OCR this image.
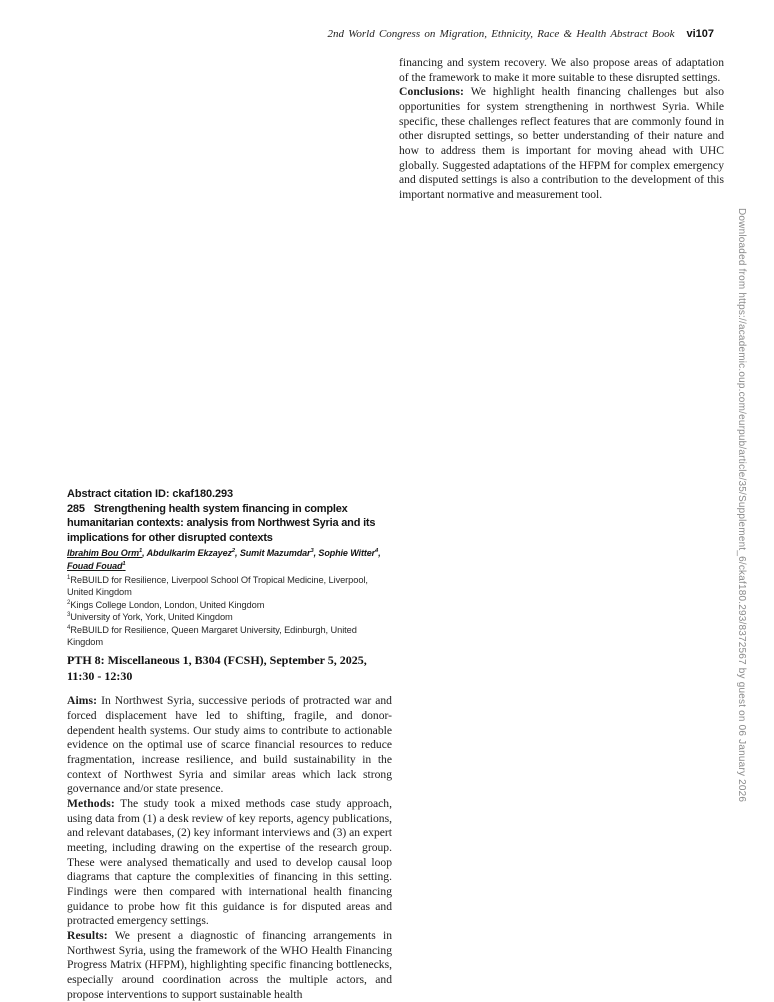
2nd World Congress on Migration, Ethnicity, Race & Health Abstract Book vi107

financing and system recovery. We also propose areas of adaptation of the framework to make it more suitable to these disrupted settings.

Conclusions: We highlight health financing challenges but also opportunities for system strengthening in northwest Syria. While specific, these challenges reflect features that are commonly found in other disrupted settings, so better understanding of their nature and how to address them is important for moving ahead with UHC globally. Suggested adaptations of the HFPM for complex emergency and disputed settings is also a contribution to the development of this important normative and measurement tool.

Abstract citation ID: ckaf180.293
285 Strengthening health system financing in complex humanitarian contexts: analysis from Northwest Syria and its implications for other disrupted contexts
Ibrahim Bou Orm$^1$, Abdulkarim Ekzayez$^2$, Sumit Mazumdar$^3$, Sophie Witter$^4$, Fouad Fouad$^1$
$^1$ReBUILD for Resilience, Liverpool School Of Tropical Medicine, Liverpool, United Kingdom
$^2$Kings College London, London, United Kingdom
$^3$University of York, York, United Kingdom
$^4$ReBUILD for Resilience, Queen Margaret University, Edinburgh, United Kingdom
PTH 8: Miscellaneous 1, B304 (FCSH), September 5, 2025, 11:30 - 12:30

Aims: In Northwest Syria, successive periods of protracted war and forced displacement have led to shifting, fragile, and donor-dependent health systems. Our study aims to contribute to actionable evidence on the optimal use of scarce financial resources to reduce fragmentation, increase resilience, and build sustainability in the context of Northwest Syria and similar areas which lack strong governance and/or state presence.

Methods: The study took a mixed methods case study approach, using data from (1) a desk review of key reports, agency publications, and relevant databases, (2) key informant interviews and (3) an expert meeting, including drawing on the expertise of the research group. These were analysed thematically and used to develop causal loop diagrams that capture the complexities of financing in this setting. Findings were then compared with international health financing guidance to probe how fit this guidance is for disputed areas and protracted emergency settings.

Results: We present a diagnostic of financing arrangements in Northwest Syria, using the framework of the WHO Health Financing Progress Matrix (HFPM), highlighting specific financing bottlenecks, especially around coordination across the multiple actors, and propose interventions to support sustainable health

Downloaded from https://academic.oup.com/eurpub/article/35/Supplement_6/ckaf180.293/8372567 by guest on 06 January 2026
